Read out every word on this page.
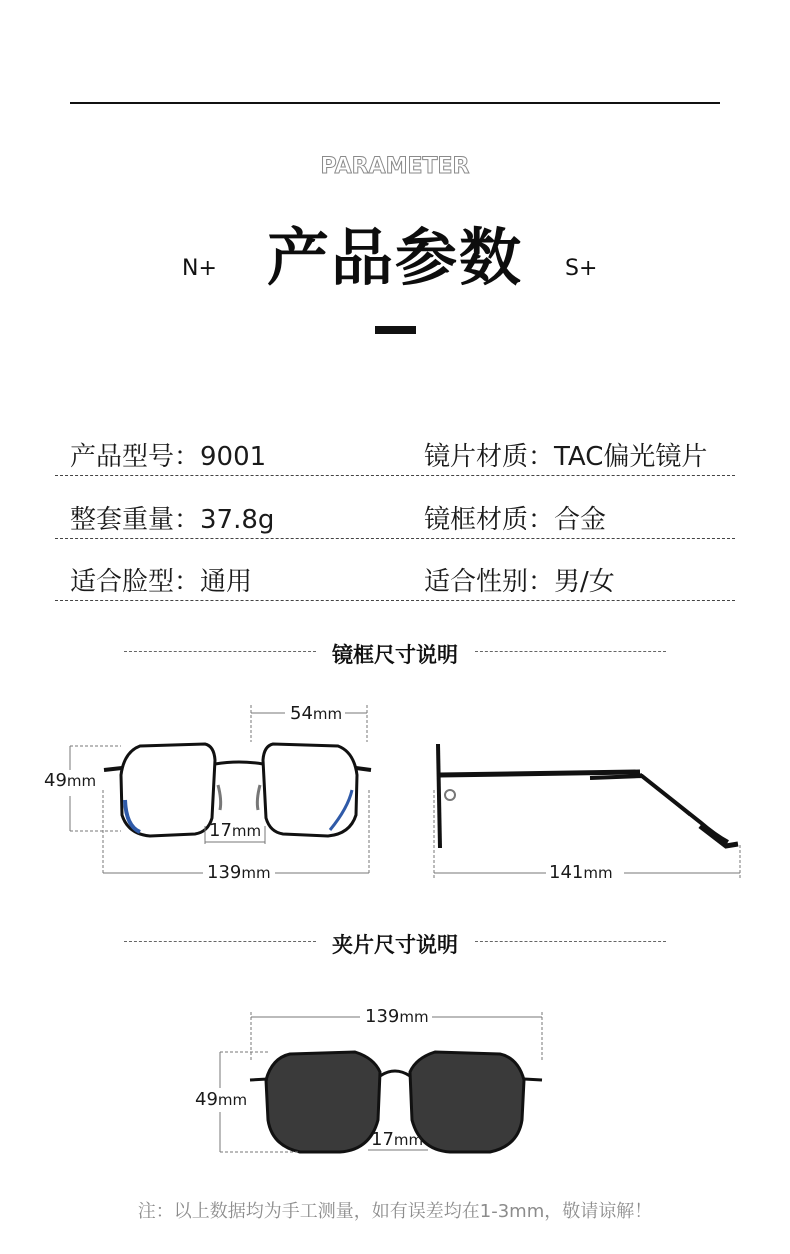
PARAMETER
N+ 产品参数	S+
产品型号：9001	镜片材质：TAC偏光镜片
整套重量：37.8g	镜框材质：合金
适合脸型：通用	适合性别：男/女
镜框尺寸说明
54mm
49mm
17mm
139mm	141mm
夹片尺寸说明
139mm
49mm
17mm
注：以上数据均为手工测量，如有误差均在1-3mm，敬请谅解！
